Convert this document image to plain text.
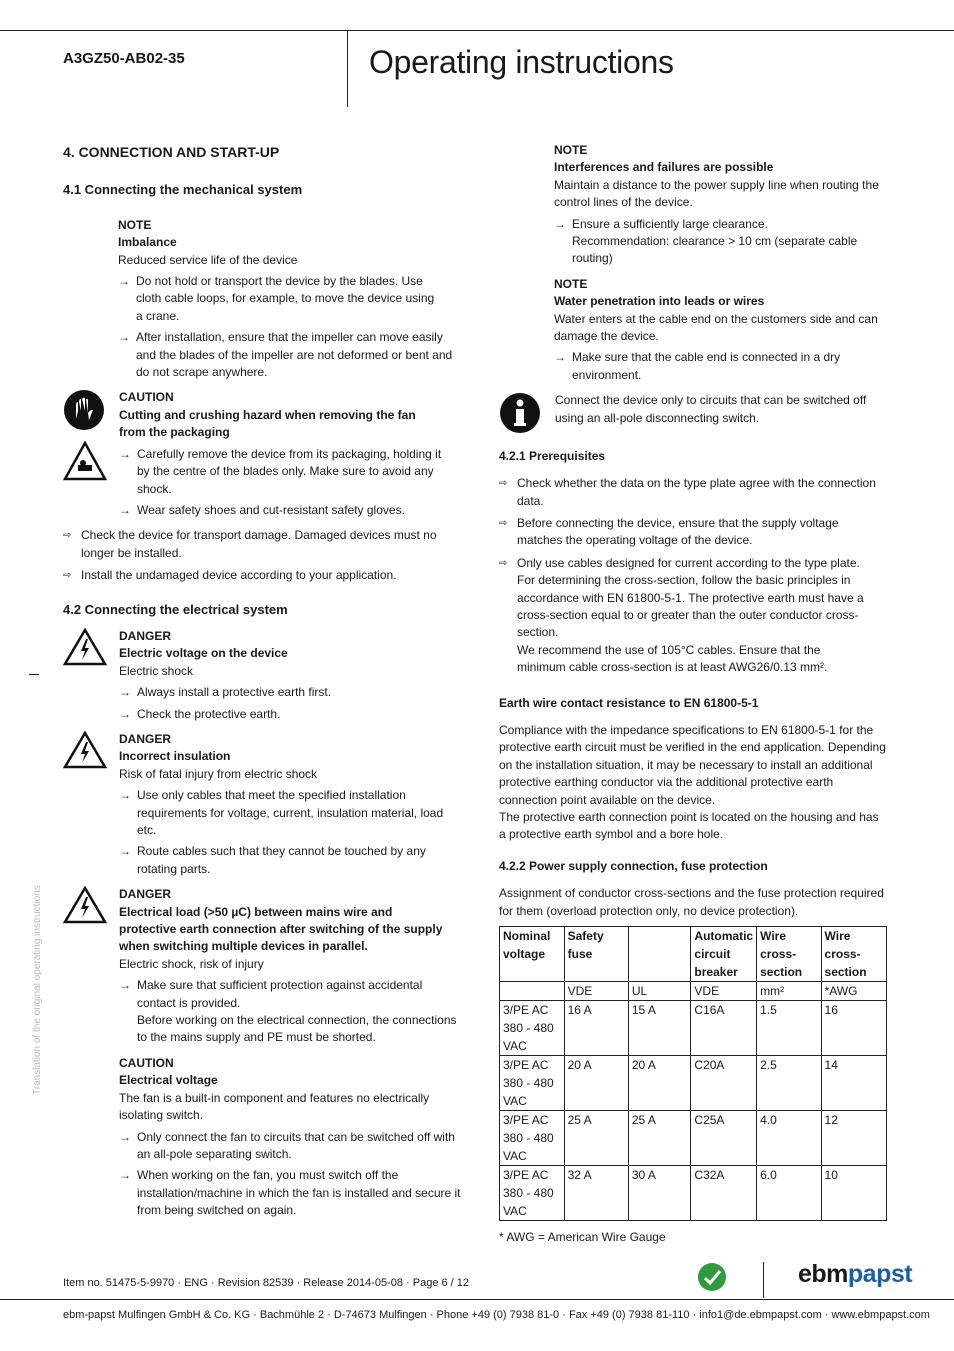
A3GZ50-AB02-35	Operating instructions
Translation of the original operating instructions
4. CONNECTION AND START-UP
4.1 Connecting the mechanical system
NOTE
Imbalance
Reduced service life of the device
→ Do not hold or transport the device by the blades. Use cloth cable loops, for example, to move the device using a crane.
→ After installation, ensure that the impeller can move easily and the blades of the impeller are not deformed or bent and do not scrape anywhere.

CAUTION
Cutting and crushing hazard when removing the fan from the packaging
→ Carefully remove the device from its packaging, holding it by the centre of the blades only. Make sure to avoid any shock.
→ Wear safety shoes and cut-resistant safety gloves.
⇨ Check the device for transport damage. Damaged devices must no longer be installed.
⇨ Install the undamaged device according to your application.
4.2 Connecting the electrical system
DANGER
Electric voltage on the device
Electric shock
→ Always install a protective earth first.
→ Check the protective earth.
DANGER
Incorrect insulation
Risk of fatal injury from electric shock
→ Use only cables that meet the specified installation requirements for voltage, current, insulation material, load etc.
→ Route cables such that they cannot be touched by any rotating parts.
DANGER
Electrical load (>50 µC) between mains wire and protective earth connection after switching of the supply when switching multiple devices in parallel.
Electric shock, risk of injury
→ Make sure that sufficient protection against accidental contact is provided.
Before working on the electrical connection, the connections to the mains supply and PE must be shorted.
CAUTION
Electrical voltage
The fan is a built-in component and features no electrically isolating switch.
→ Only connect the fan to circuits that can be switched off with an all-pole separating switch.
→ When working on the fan, you must switch off the installation/machine in which the fan is installed and secure it from being switched on again.
NOTE
Interferences and failures are possible
Maintain a distance to the power supply line when routing the control lines of the device.
→ Ensure a sufficiently large clearance.
Recommendation: clearance > 10 cm (separate cable routing)
NOTE
Water penetration into leads or wires
Water enters at the cable end on the customers side and can damage the device.
→ Make sure that the cable end is connected in a dry environment.
Connect the device only to circuits that can be switched off using an all-pole disconnecting switch.
4.2.1 Prerequisites
⇨ Check whether the data on the type plate agree with the connection data.
⇨ Before connecting the device, ensure that the supply voltage matches the operating voltage of the device.
⇨ Only use cables designed for current according to the type plate.
For determining the cross-section, follow the basic principles in accordance with EN 61800-5-1. The protective earth must have a cross-section equal to or greater than the outer conductor cross-section.
We recommend the use of 105°C cables. Ensure that the minimum cable cross-section is at least AWG26/0.13 mm².
Earth wire contact resistance to EN 61800-5-1
Compliance with the impedance specifications to EN 61800-5-1 for the protective earth circuit must be verified in the end application. Depending on the installation situation, it may be necessary to install an additional protective earthing conductor via the additional protective earth connection point available on the device.
The protective earth connection point is located on the housing and has a protective earth symbol and a bore hole.
4.2.2 Power supply connection, fuse protection
Assignment of conductor cross-sections and the fuse protection required for them (overload protection only, no device protection).
Nominal voltage	Safety fuse		Automatic circuit breaker	Wire cross-section	Wire cross-section
	VDE	UL	VDE	mm²	*AWG
3/PE AC 380 - 480 VAC	16 A	15 A	C16A	1.5	16
3/PE AC 380 - 480 VAC	20 A	20 A	C20A	2.5	14
3/PE AC 380 - 480 VAC	25 A	25 A	C25A	4.0	12
3/PE AC 380 - 480 VAC	32 A	30 A	C32A	6.0	10
* AWG = American Wire Gauge
Item no. 51475-5-9970 · ENG · Revision 82539 · Release 2014-05-08 · Page 6 / 12	ebmpapst
ebm-papst Mulfingen GmbH & Co. KG · Bachmühle 2 · D-74673 Mulfingen · Phone +49 (0) 7938 81-0 · Fax +49 (0) 7938 81-110 · info1@de.ebmpapst.com · www.ebmpapst.com
